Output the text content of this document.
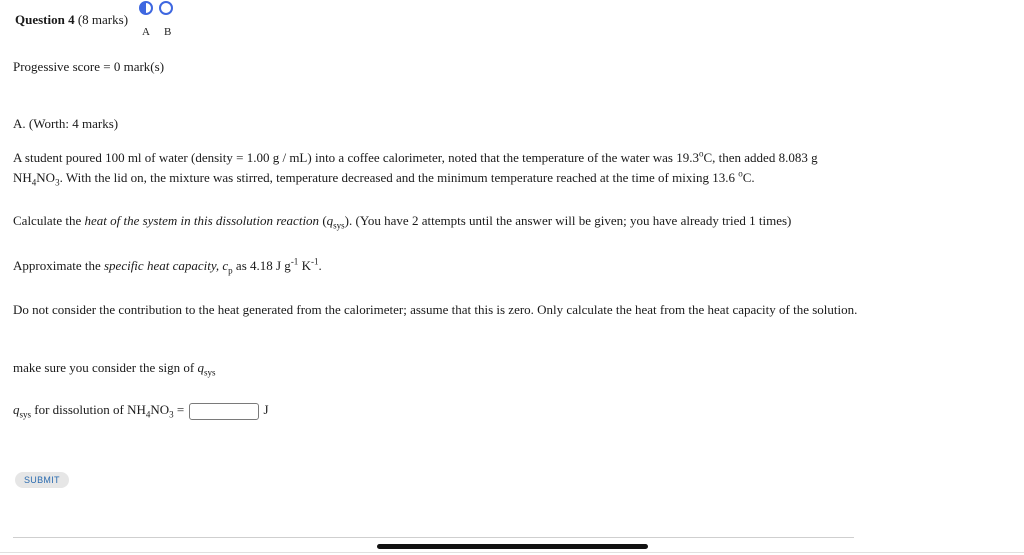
Question 4 (8 marks)
A B
Progessive score = 0 mark(s)
A. (Worth: 4 marks)
A student poured 100 ml of water (density = 1.00 g / mL) into a coffee calorimeter, noted that the temperature of the water was 19.3$^o$C, then added 8.083 g $NH_4NO_3$. With the lid on, the mixture was stirred, temperature decreased and the minimum temperature reached at the time of mixing 13.6 $^o$C.
Calculate the heat of the system in this dissolution reaction $(q_{sys})$. (You have 2 attempts until the answer will be given; you have already tried 1 times)
Approximate the specific heat capacity, $c_p$ as 4.18 J $g^{-1}$ $K^{-1}$.
Do not consider the contribution to the heat generated from the calorimeter; assume that this is zero. Only calculate the heat from the heat capacity of the solution.
make sure you consider the sign of $q_{sys}$
$q_{sys}$ for dissolution of $NH_4NO_3$ =	J
SUBMIT
